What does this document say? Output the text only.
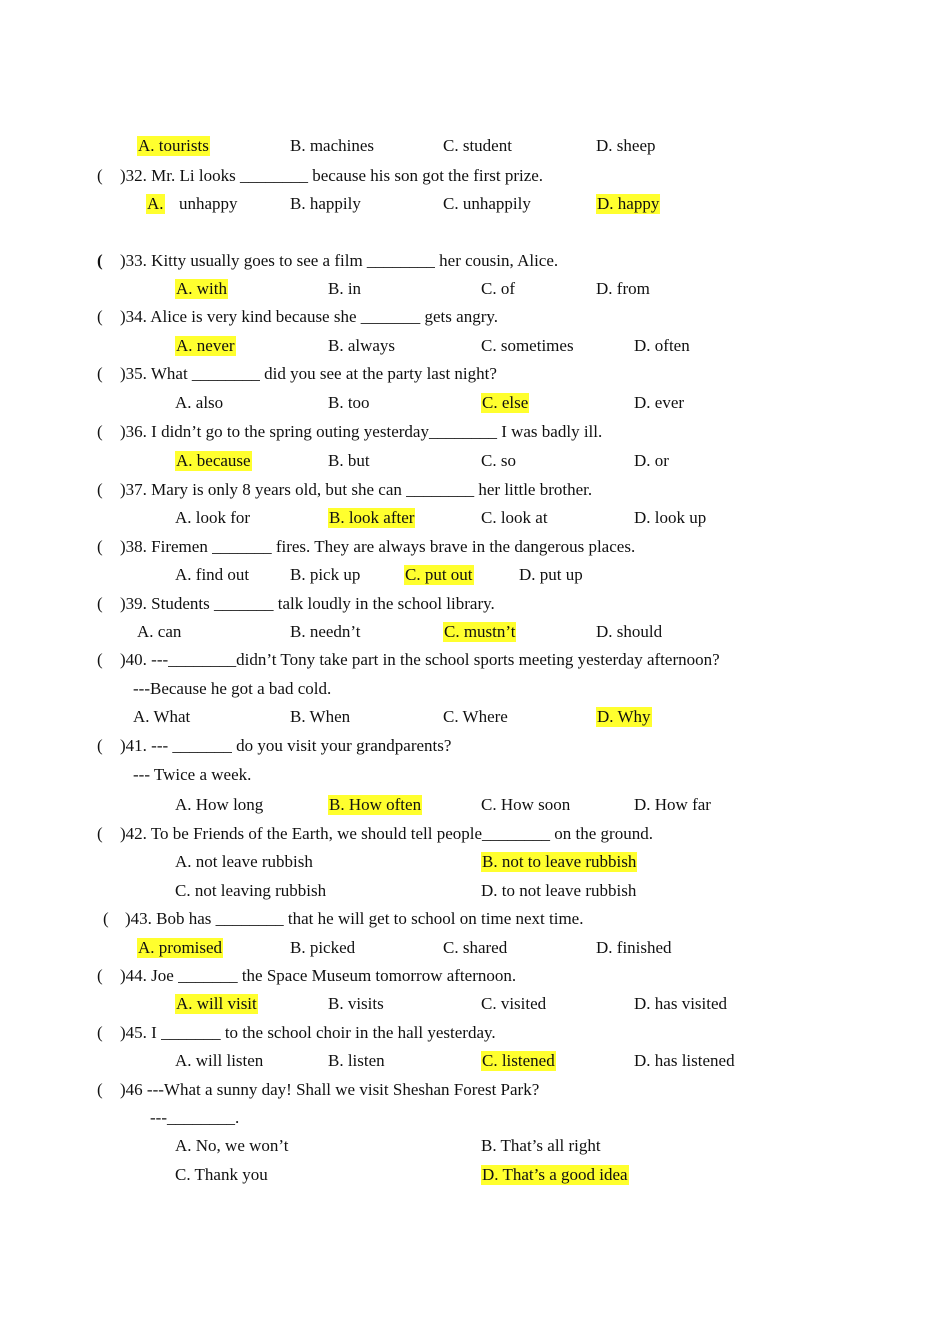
A. tourists	B. machines	C. student	D. sheep
( )32. Mr. Li looks ________ because his son got the first prize.
A. unhappy	B. happily	C. unhappily	D. happy
( )33. Kitty usually goes to see a film ________ her cousin, Alice.
A. with	B. in	C. of	D. from
( )34. Alice is very kind because she _______ gets angry.
A. never	B. always	C. sometimes	D. often
( )35. What ________ did you see at the party last night?
A. also	B. too	C. else	D. ever
( )36. I didn’t go to the spring outing yesterday________ I was badly ill.
A. because	B. but	C. so	D. or
( )37. Mary is only 8 years old, but she can ________ her little brother.
A. look for	B. look after	C. look at	D. look up
( )38. Firemen _______ fires. They are always brave in the dangerous places.
A. find out B. pick up	C. put out	D. put up
( )39. Students _______ talk loudly in the school library.
A. can	B. needn’t	C. mustn’t	D. should
( )40. ---________didn’t Tony take part in the school sports meeting yesterday afternoon?
---Because he got a bad cold.
A. What	B. When	C. Where	D. Why
( )41. --- _______ do you visit your grandparents?
--- Twice a week.
A. How long	B. How often	C. How soon	D. How far
( )42. To be Friends of the Earth, we should tell people________ on the ground.
A. not leave rubbish	B. not to leave rubbish
C. not leaving rubbish	D. to not leave rubbish
( )43. Bob has ________ that he will get to school on time next time.
A. promised	B. picked	C. shared	D. finished
( )44. Joe _______ the Space Museum tomorrow afternoon.
A. will visit	B. visits	C. visited	D. has visited
( )45. I _______ to the school choir in the hall yesterday.
A. will listen	B. listen	C. listened	D. has listened
( )46 ---What a sunny day! Shall we visit Sheshan Forest Park?
---________.
A. No, we won’t	B. That’s all right
C. Thank you	D. That’s a good idea
